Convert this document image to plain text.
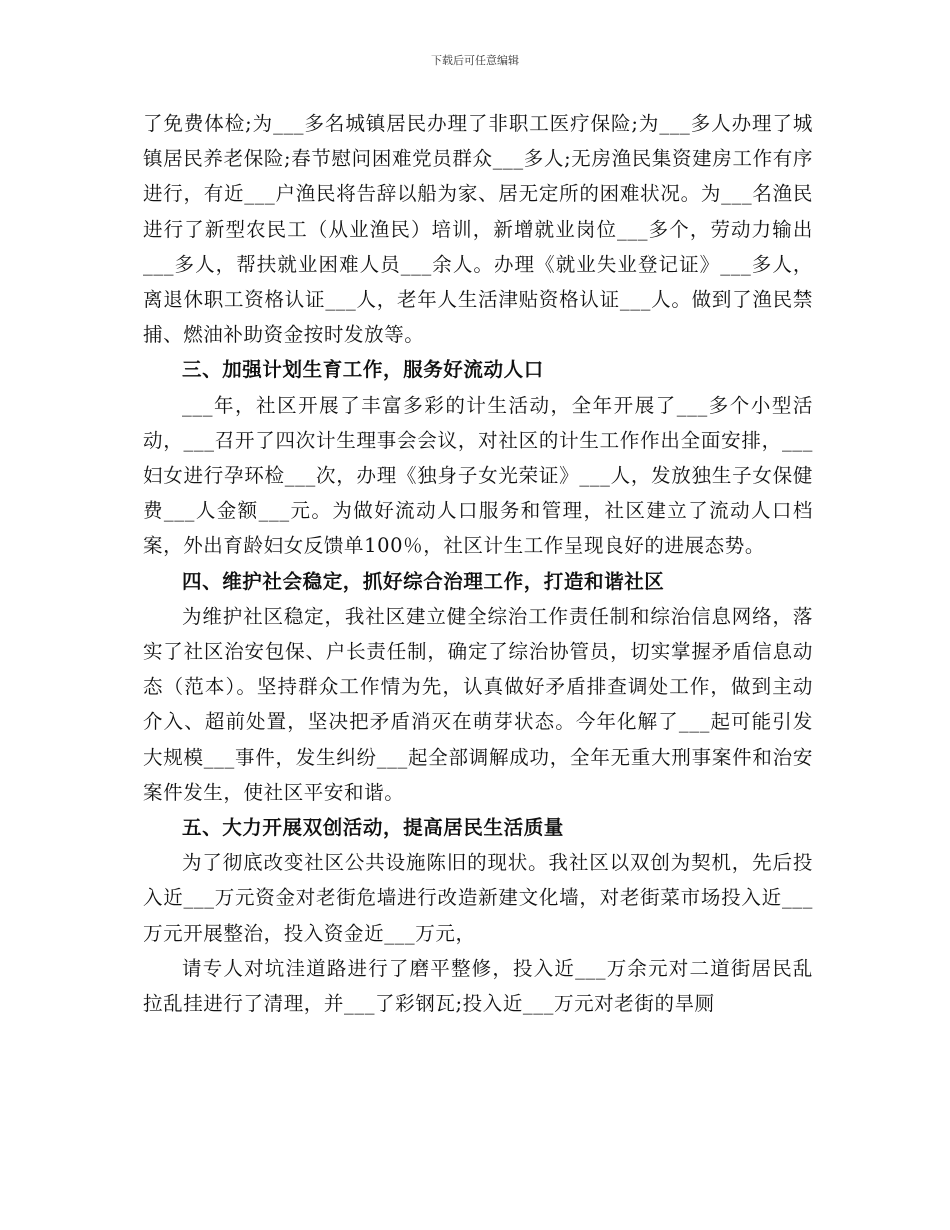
下载后可任意编辑

了免费体检;为___多名城镇居民办理了非职工医疗保险;为___多人办理了城镇居民养老保险;春节慰问困难党员群众___多人;无房渔民集资建房工作有序进行，有近___户渔民将告辞以船为家、居无定所的困难状况。为___名渔民进行了新型农民工（从业渔民）培训，新增就业岗位___多个，劳动力输出___多人，帮扶就业困难人员___余人。办理《就业失业登记证》___多人，离退休职工资格认证___人，老年人生活津贴资格认证___人。做到了渔民禁捕、燃油补助资金按时发放等。

三、加强计划生育工作，服务好流动人口

___年，社区开展了丰富多彩的计生活动，全年开展了___多个小型活动，___召开了四次计生理事会会议，对社区的计生工作作出全面安排，___妇女进行孕环检___次，办理《独身子女光荣证》___人，发放独生子女保健费___人金额___元。为做好流动人口服务和管理，社区建立了流动人口档案，外出育龄妇女反馈单100％，社区计生工作呈现良好的进展态势。

四、维护社会稳定，抓好综合治理工作，打造和谐社区

为维护社区稳定，我社区建立健全综治工作责任制和综治信息网络，落实了社区治安包保、户长责任制，确定了综治协管员，切实掌握矛盾信息动态（范本）。坚持群众工作情为先，认真做好矛盾排查调处工作，做到主动介入、超前处置，坚决把矛盾消灭在萌芽状态。今年化解了___起可能引发大规模___事件，发生纠纷___起全部调解成功，全年无重大刑事案件和治安案件发生，使社区平安和谐。

五、大力开展双创活动，提高居民生活质量

为了彻底改变社区公共设施陈旧的现状。我社区以双创为契机，先后投入近___万元资金对老街危墙进行改造新建文化墙，对老街菜市场投入近___万元开展整治，投入资金近___万元，

请专人对坑洼道路进行了磨平整修，投入近___万余元对二道街居民乱拉乱挂进行了清理，并___了彩钢瓦;投入近___万元对老街的旱厕
